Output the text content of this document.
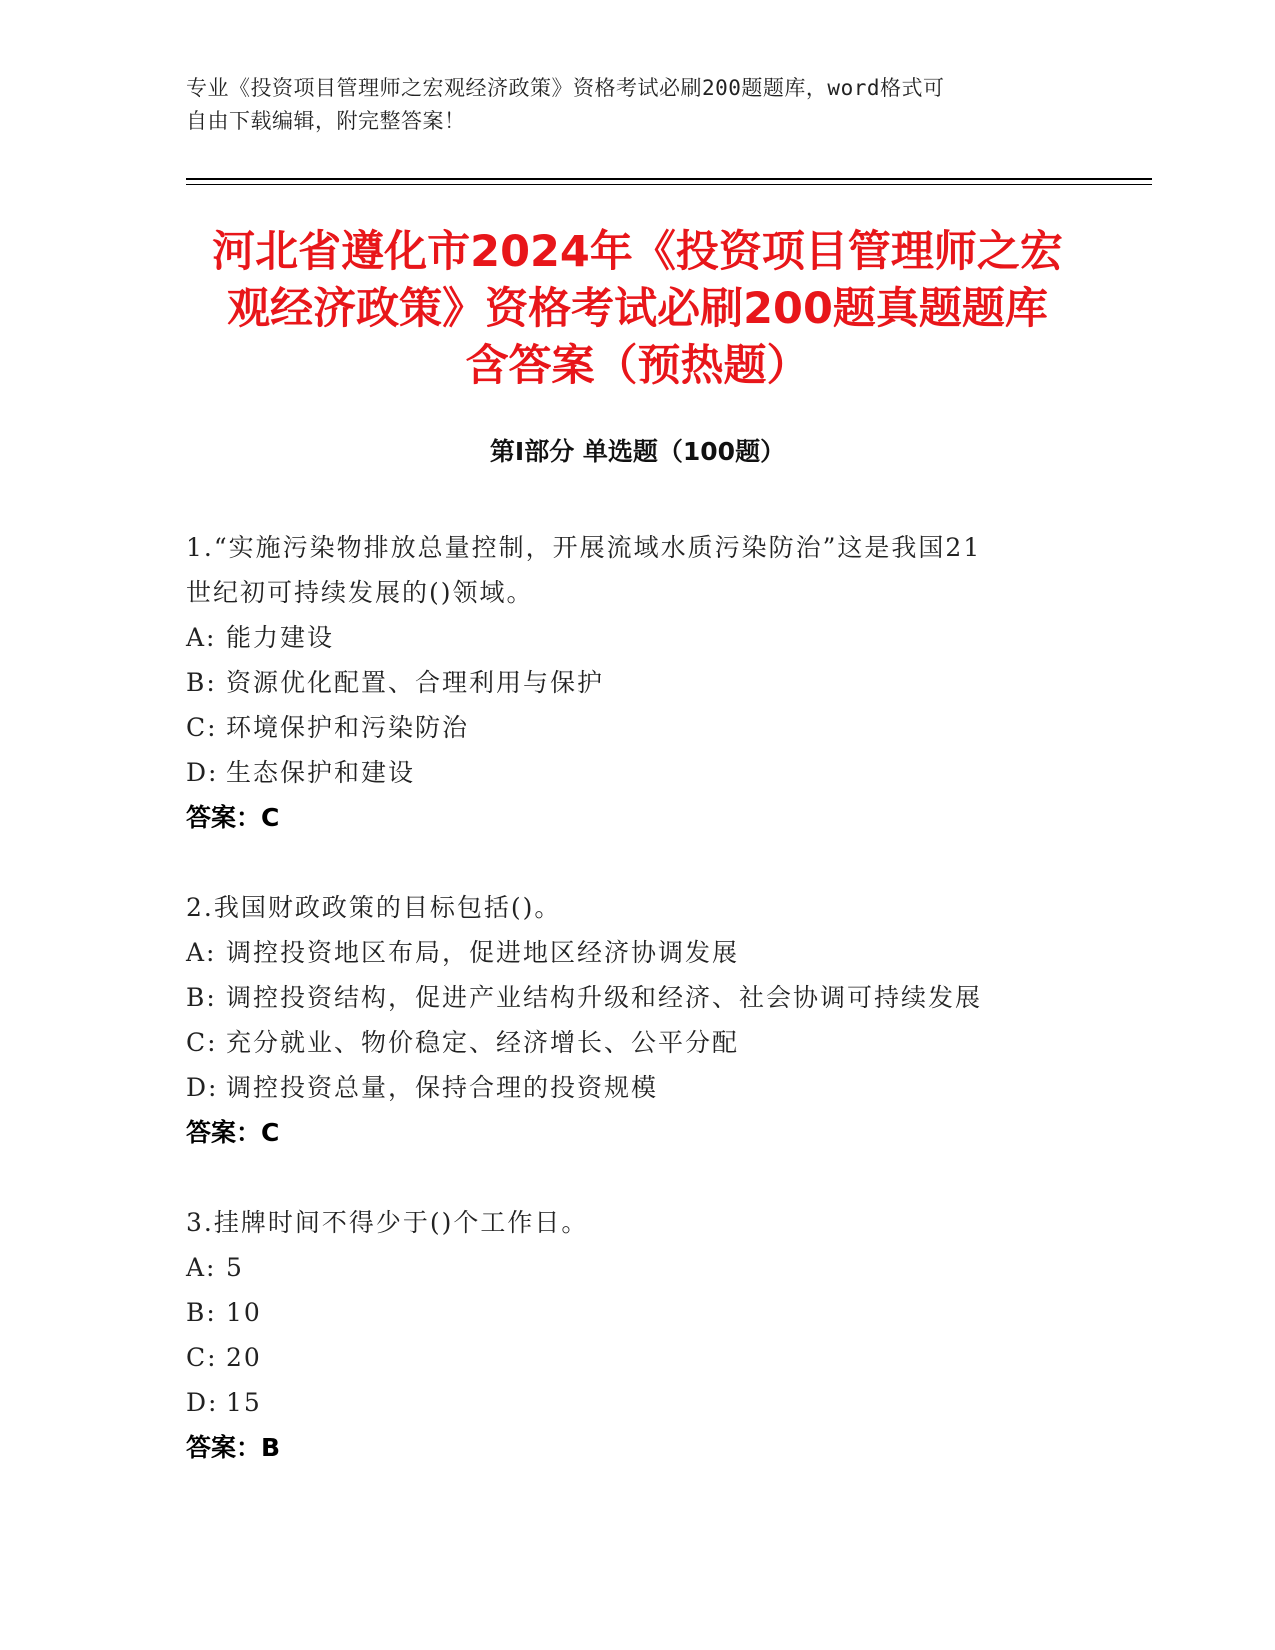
专业《投资项目管理师之宏观经济政策》资格考试必刷200题题库，word格式可
自由下载编辑，附完整答案！
河北省遵化市2024年《投资项目管理师之宏
观经济政策》资格考试必刷200题真题题库
含答案（预热题）
第Ⅰ部分 单选题（100题）
1.“实施污染物排放总量控制，开展流域水质污染防治”这是我国21
世纪初可持续发展的()领域。
A: 能力建设
B: 资源优化配置、合理利用与保护
C: 环境保护和污染防治
D: 生态保护和建设
答案：C
2.我国财政政策的目标包括()。
A: 调控投资地区布局，促进地区经济协调发展
B: 调控投资结构，促进产业结构升级和经济、社会协调可持续发展
C: 充分就业、物价稳定、经济增长、公平分配
D: 调控投资总量，保持合理的投资规模
答案：C
3.挂牌时间不得少于()个工作日。
A: 5
B: 10
C: 20
D: 15
答案：B
